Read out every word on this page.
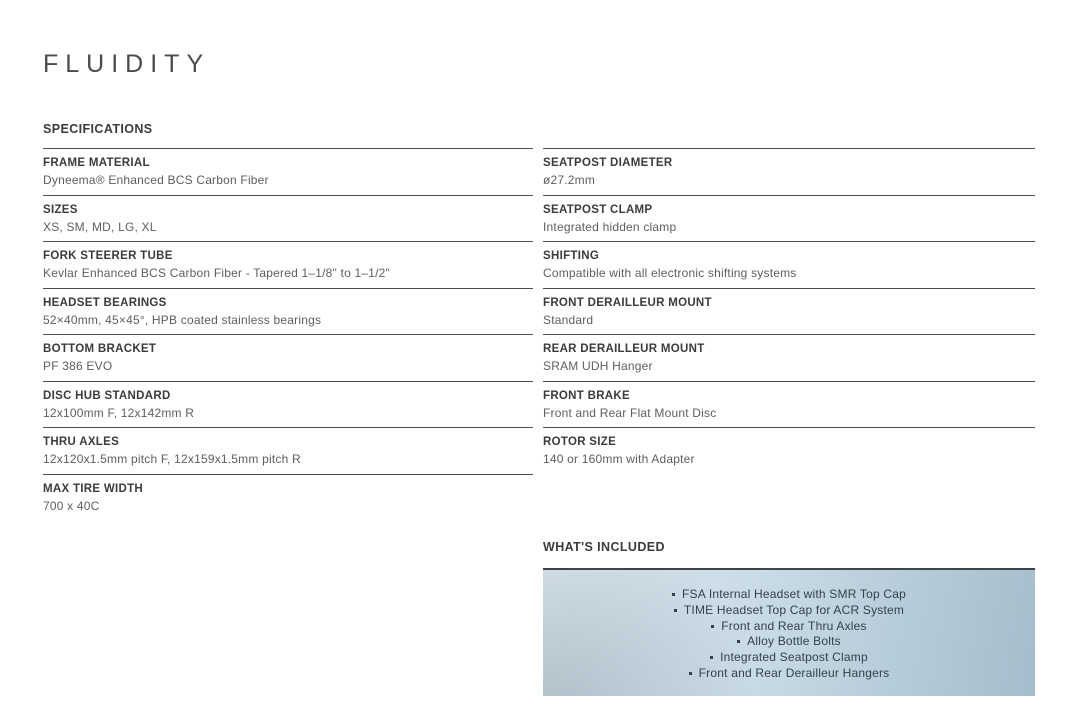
FLUIDITY
SPECIFICATIONS
FRAME MATERIAL
Dyneema® Enhanced BCS Carbon Fiber
SIZES
XS, SM, MD, LG, XL
FORK STEERER TUBE
Kevlar Enhanced BCS Carbon Fiber - Tapered 1–1/8" to 1–1/2"
HEADSET BEARINGS
52×40mm, 45×45°, HPB coated stainless bearings
BOTTOM BRACKET
PF 386 EVO
DISC HUB STANDARD
12x100mm F, 12x142mm R
THRU AXLES
12x120x1.5mm pitch F, 12x159x1.5mm pitch R
MAX TIRE WIDTH
700 x 40C
SEATPOST DIAMETER
ø27.2mm
SEATPOST CLAMP
Integrated hidden clamp
SHIFTING
Compatible with all electronic shifting systems
FRONT DERAILLEUR MOUNT
Standard
REAR DERAILLEUR MOUNT
SRAM UDH Hanger
FRONT BRAKE
Front and Rear Flat Mount Disc
ROTOR SIZE
140 or 160mm with Adapter
WHAT'S INCLUDED
FSA Internal Headset with SMR Top Cap
TIME Headset Top Cap for ACR System
Front and Rear Thru Axles
Alloy Bottle Bolts
Integrated Seatpost Clamp
Front and Rear Derailleur Hangers
